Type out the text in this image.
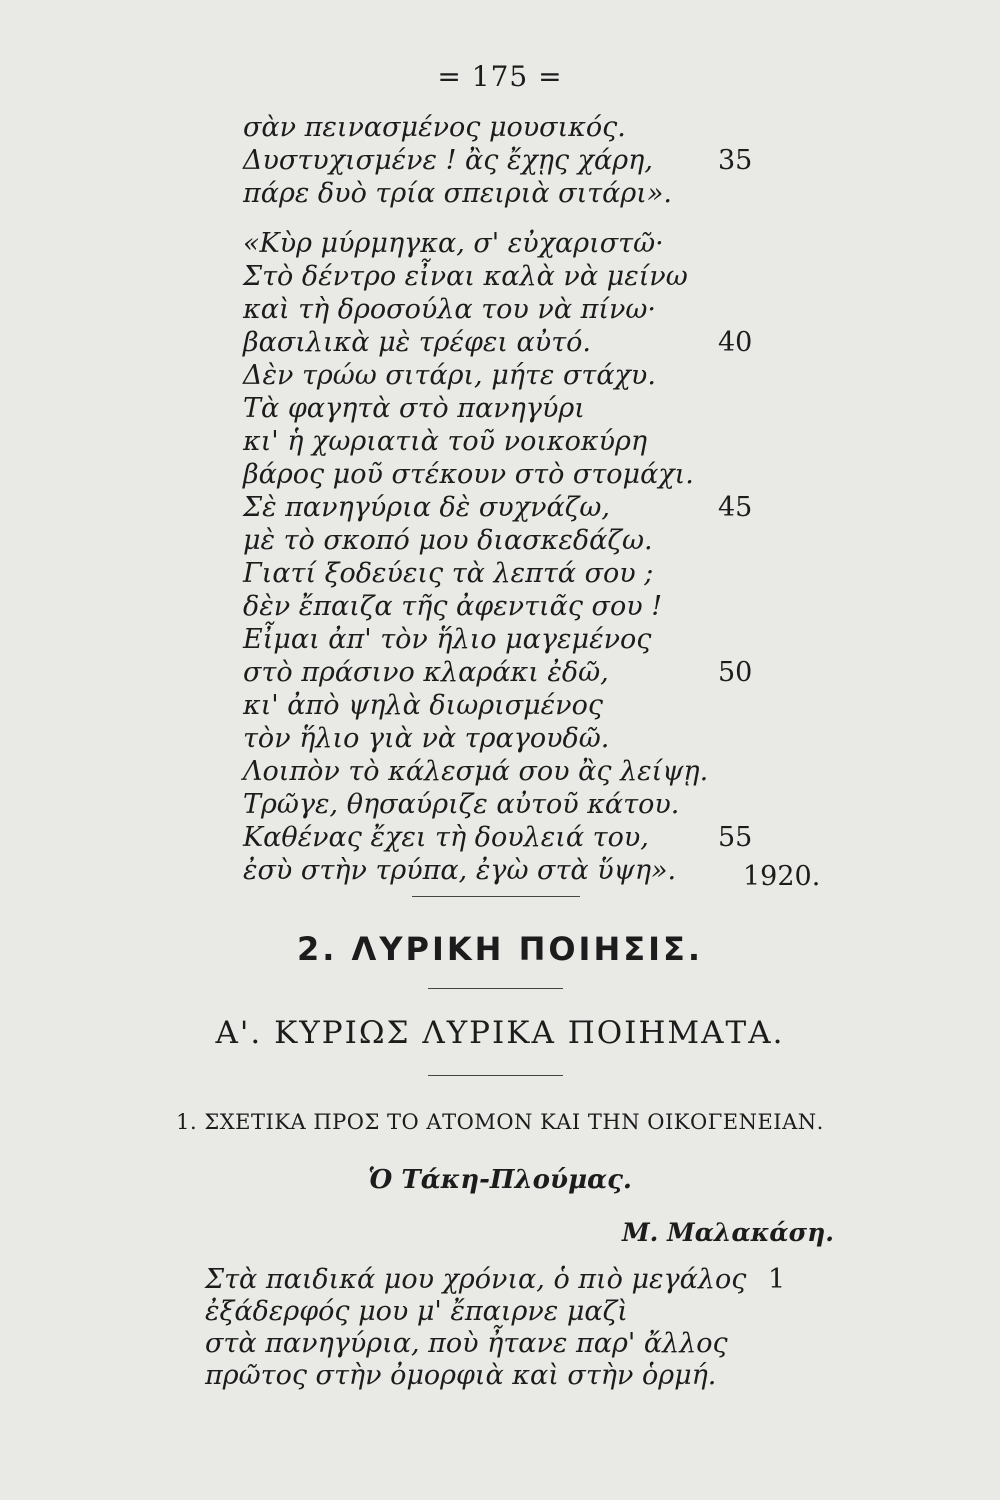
= 175 =
σὰν πεινασμένος μουσικός.
Δυστυχισμένε ! ἂς ἔχῃς χάρη,
πάρε δυὸ τρία σπειριὰ σιτάρι».
«Κὺρ μύρμηγκα, σ' εὐχαριστῶ·
Στὸ δέντρο εἶναι καλὰ νὰ μείνω
καὶ τὴ δροσούλα του νὰ πίνω·
βασιλικὰ μὲ τρέφει αὐτό.
Δὲν τρώω σιτάρι, μήτε στάχυ.
Τὰ φαγητὰ στὸ πανηγύρι
κι' ἡ χωριατιὰ τοῦ νοικοκύρη
βάρος μοῦ στέκουν στὸ στομάχι.
Σὲ πανηγύρια δὲ συχνάζω,
μὲ τὸ σκοπό μου διασκεδάζω.
Γιατί ξοδεύεις τὰ λεπτά σου ;
δὲν ἔπαιζα τῆς ἀφεντιᾶς σου !
Εἶμαι ἀπ' τὸν ἥλιο μαγεμένος
στὸ πράσινο κλαράκι ἐδῶ,
κι' ἀπὸ ψηλὰ διωρισμένος
τὸν ἥλιο γιὰ νὰ τραγουδῶ.
Λοιπὸν τὸ κάλεσμά σου ἂς λείψῃ.
Τρῶγε, θησαύριζε αὐτοῦ κάτου.
Καθένας ἔχει τὴ δουλειά του,
ἐσὺ στὴν τρύπα, ἐγὼ στὰ ὕψη».
35
40
45
50
55
1920.
2. ΛΥΡΙΚΗ ΠΟΙΗΣΙΣ.
Α'. ΚΥΡΙΩΣ ΛΥΡΙΚΑ ΠΟΙΗΜΑΤΑ.
1. ΣΧΕΤΙΚΑ ΠΡΟΣ ΤΟ ΑΤΟΜΟΝ ΚΑΙ ΤΗΝ ΟΙΚΟΓΕΝΕΙΑΝ.
Ὁ Τάκη-Πλούμας.
Μ. Μαλακάση.
Στὰ παιδικά μου χρόνια, ὁ πιὸ μεγάλος
ἐξάδερφός μου μ' ἔπαιρνε μαζὶ
στὰ πανηγύρια, ποὺ ἦτανε παρ' ἄλλος
πρῶτος στὴν ὀμορφιὰ καὶ στὴν ὁρμή.
1
